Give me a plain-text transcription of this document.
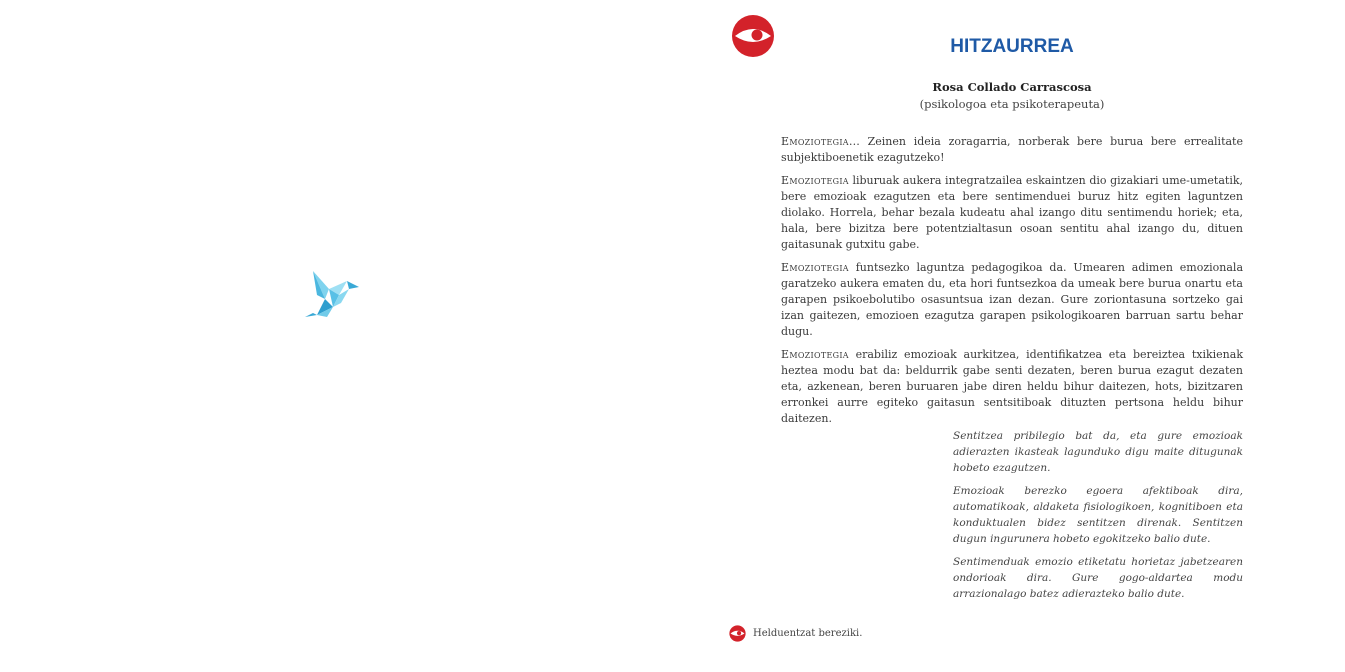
HITZAURREA
Rosa Collado Carrascosa
(psikologoa eta psikoterapeuta)

Emoziotegia… Zeinen ideia zoragarria, norberak bere burua bere errealitate subjektiboenetik ezagutzeko!

Emoziotegia liburuak aukera integratzailea eskaintzen dio gizakiari ume-umetatik, bere emozioak ezagutzen eta bere sentimenduei buruz hitz egiten laguntzen diolako. Horrela, behar bezala kudeatu ahal izango ditu sentimendu horiek; eta, hala, bere bizitza bere potentzialtasun osoan sentitu ahal izango du, dituen gaitasunak gutxitu gabe.

Emoziotegia funtsezko laguntza pedagogikoa da. Umearen adimen emozionala garatzeko aukera ematen du, eta hori funtsezkoa da umeak bere burua onartu eta garapen psikoebolutibo osasuntsua izan dezan. Gure zoriontasuna sortzeko gai izan gaitezen, emozioen ezagutza garapen psikologikoaren barruan sartu behar dugu.

Emoziotegia erabiliz emozioak aurkitzea, identifikatzea eta bereiztea txikienak heztea modu bat da: beldurrik gabe senti dezaten, beren burua ezagut dezaten eta, azkenean, beren buruaren jabe diren heldu bihur daitezen, hots, bizitzaren erronkei aurre egiteko gaitasun sentsitiboak dituzten pertsona heldu bihur daitezen.

Sentitzea pribilegio bat da, eta gure emozioak adierazten ikasteak lagunduko digu maite ditugunak hobeto ezagutzen.

Emozioak berezko egoera afektiboak dira, automatikoak, aldaketa fisiologikoen, kognitiboen eta konduktualen bidez sentitzen direnak. Sentitzen dugun ingurunera hobeto egokitzeko balio dute.

Sentimenduak emozio etiketatu horietaz jabetzearen ondorioak dira. Gure gogo-aldartea modu arrazionalago batez adierazteko balio dute.

Helduentzat bereziki.
